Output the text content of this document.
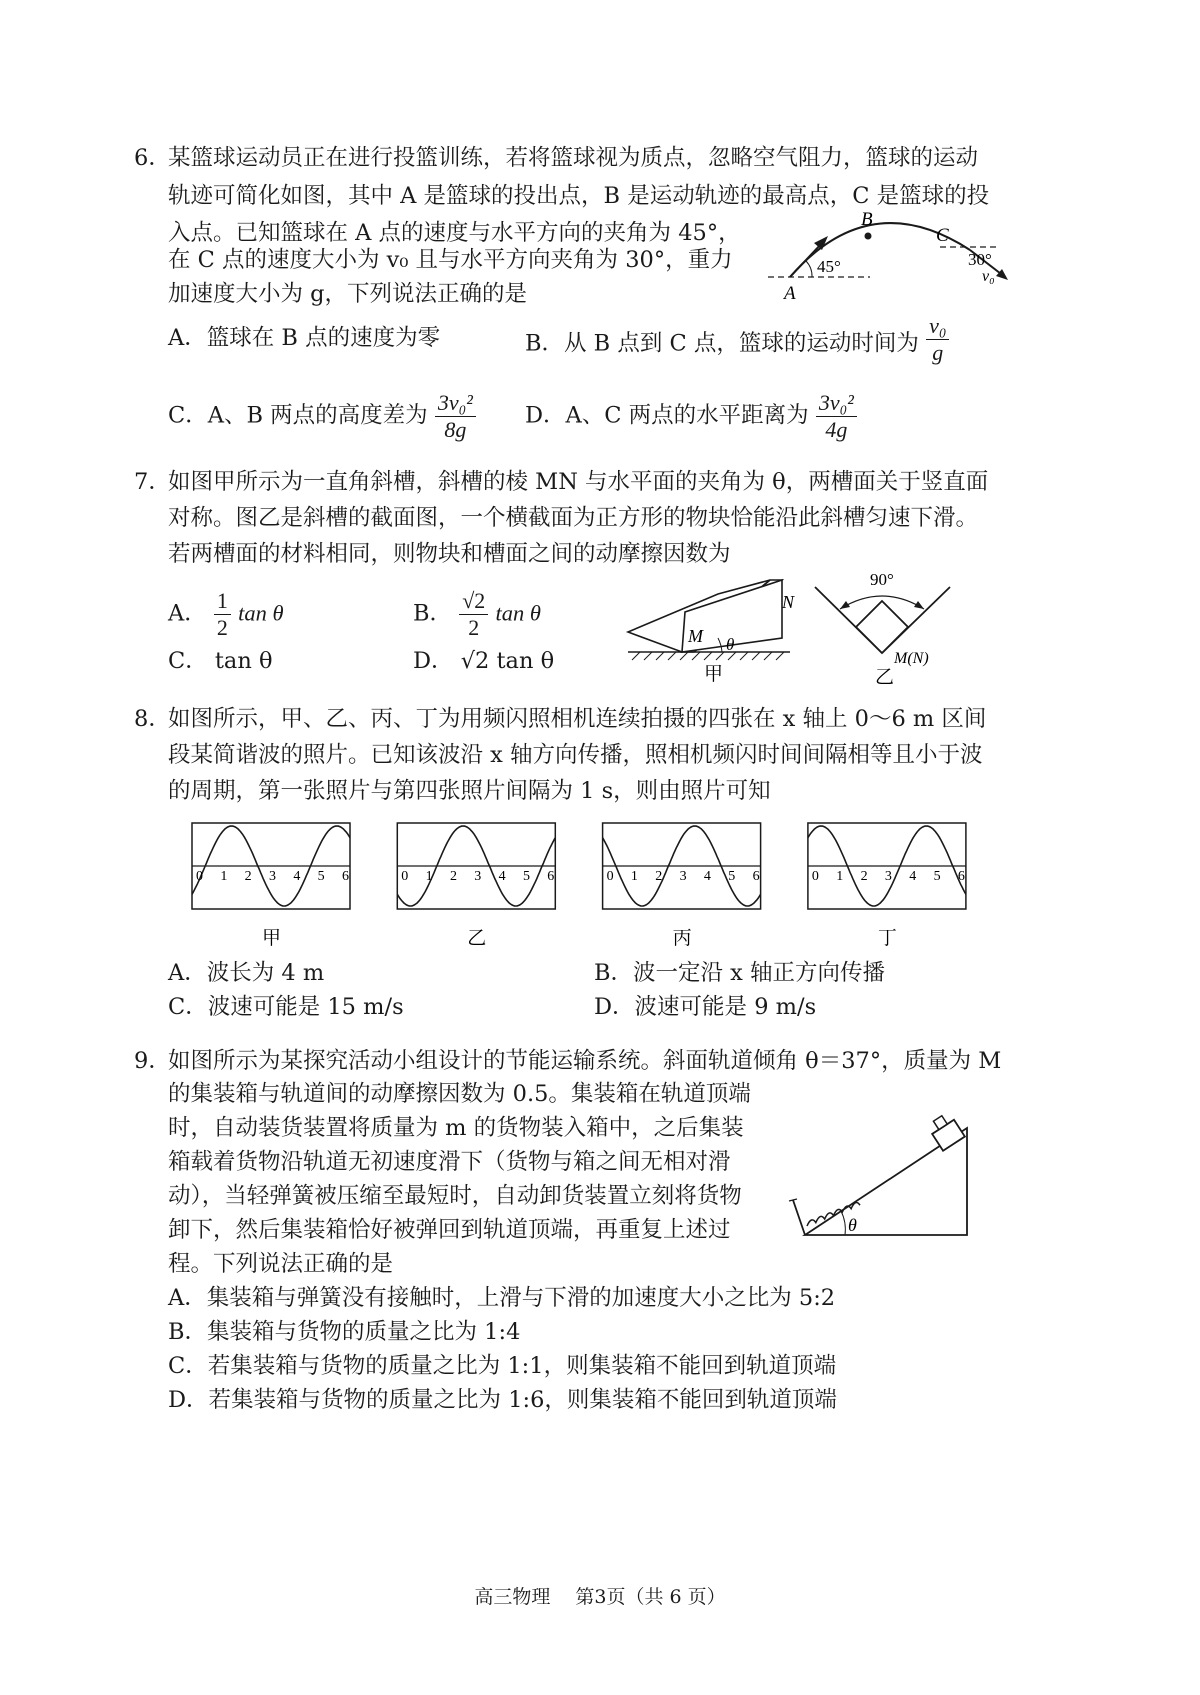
6．
某篮球运动员正在进行投篮训练，若将篮球视为质点，忽略空气阻力，篮球的运动
轨迹可简化如图，其中 A 是篮球的投出点，B 是运动轨迹的最高点，C 是篮球的投
入点。已知篮球在 A 点的速度与水平方向的夹角为 45°，
在 C 点的速度大小为 v₀ 且与水平方向夹角为 30°，重力
加速度大小为 g，下列说法正确的是	A
B
C
45°	30°
v₀
A．篮球在 B 点的速度为零	B．从 B 点到 C 点，篮球的运动时间为 $\frac{\text{v₀}}{g}$
C．A、B 两点的高度差为 $\frac{\text{3v₀²}}{8g}$ D．A、C 两点的水平距离为 $\frac{\text{3v₀²}}{4g}$
7．
如图甲所示为一直角斜槽，斜槽的棱 MN 与水平面的夹角为 θ，两槽面关于竖直面
对称。图乙是斜槽的截面图，一个横截面为正方形的物块恰能沿此斜槽匀速下滑。
若两槽面的材料相同，则物块和槽面之间的动摩擦因数为
A． $\frac{1}{2}$ tan θ	B． $\frac{√2}{2}$ tan θ
C． tan θ	D． √2 tan θ
M
N
θ
甲
90°
M(N)
乙
8．
如图所示，甲、乙、丙、丁为用频闪照相机连续拍摄的四张在 x 轴上 0～6 m 区间
段某简谐波的照片。已知该波沿 x 轴方向传播，照相机频闪时间间隔相等且小于波
的周期，第一张照片与第四张照片间隔为 1 s，则由照片可知
0 1 2 3 4 5 6
甲
0 1 2 3 4 5 6
乙
0 1 2 3 4 5 6
丙
0 1 2 3 4 5 6
丁
A．波长为 4 m	B．波一定沿 x 轴正方向传播
C．波速可能是 15 m/s	D．波速可能是 9 m/s
9．
如图所示为某探究活动小组设计的节能运输系统。斜面轨道倾角 θ＝37°，质量为 M
的集装箱与轨道间的动摩擦因数为 0.5。集装箱在轨道顶端
时，自动装货装置将质量为 m 的货物装入箱中，之后集装
箱载着货物沿轨道无初速度滑下（货物与箱之间无相对滑
动），当轻弹簧被压缩至最短时，自动卸货装置立刻将货物
卸下，然后集装箱恰好被弹回到轨道顶端，再重复上述过
程。下列说法正确的是
θ
A．集装箱与弹簧没有接触时，上滑与下滑的加速度大小之比为 5:2
B．集装箱与货物的质量之比为 1:4
C．若集装箱与货物的质量之比为 1:1，则集装箱不能回到轨道顶端
D．若集装箱与货物的质量之比为 1:6，则集装箱不能回到轨道顶端
高三物理　 第3页（共 6 页）
